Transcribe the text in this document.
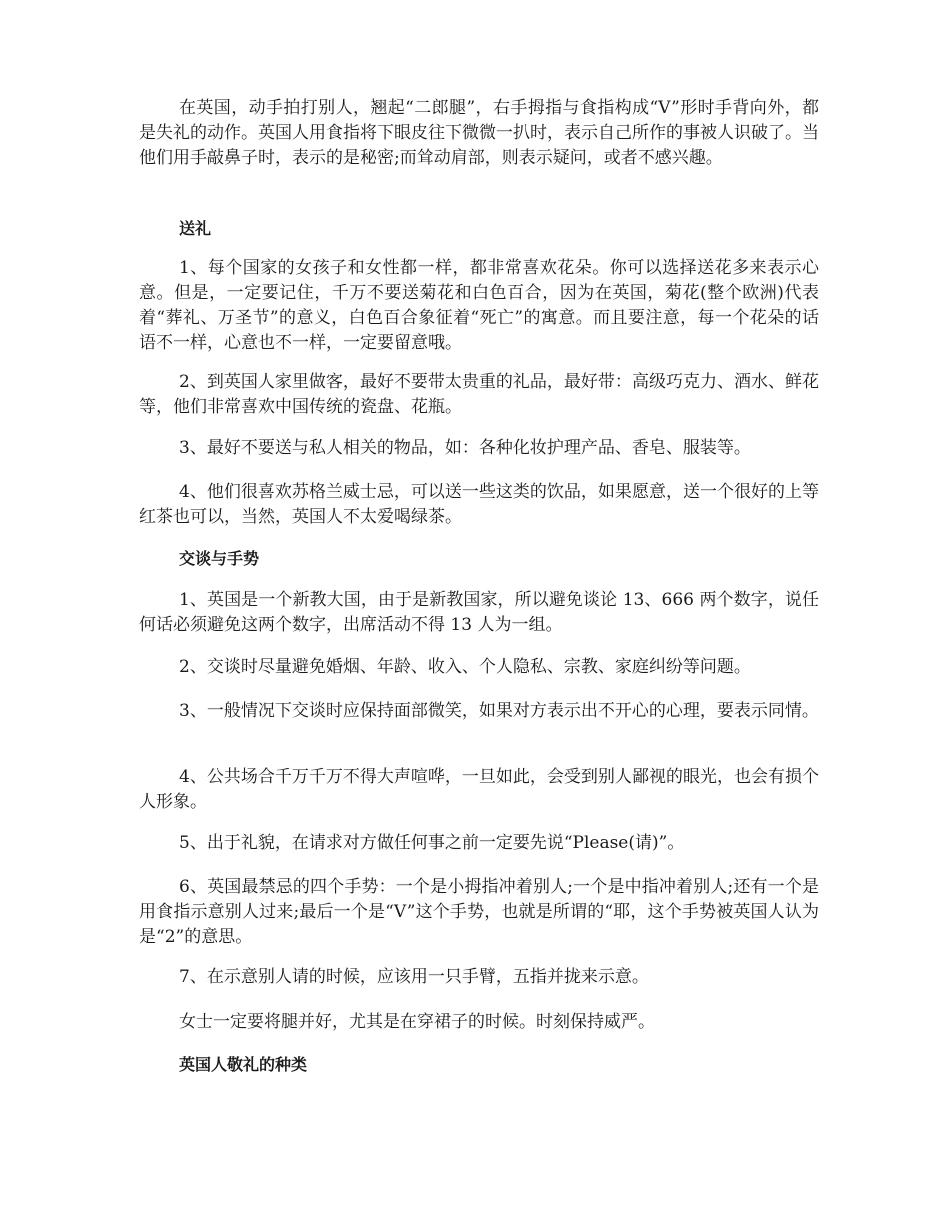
在英国，动手拍打别人，翘起“二郎腿”，右手拇指与食指构成“V”形时手背向外，都是失礼的动作。英国人用食指将下眼皮往下微微一扒时，表示自己所作的事被人识破了。当他们用手敲鼻子时，表示的是秘密;而耸动肩部，则表示疑问，或者不感兴趣。

送礼

1、每个国家的女孩子和女性都一样，都非常喜欢花朵。你可以选择送花多来表示心意。但是，一定要记住，千万不要送菊花和白色百合，因为在英国，菊花(整个欧洲)代表着“葬礼、万圣节”的意义，白色百合象征着“死亡”的寓意。而且要注意，每一个花朵的话语不一样，心意也不一样，一定要留意哦。

2、到英国人家里做客，最好不要带太贵重的礼品，最好带：高级巧克力、酒水、鲜花等，他们非常喜欢中国传统的瓷盘、花瓶。

3、最好不要送与私人相关的物品，如：各种化妆护理产品、香皂、服装等。

4、他们很喜欢苏格兰威士忌，可以送一些这类的饮品，如果愿意，送一个很好的上等红茶也可以，当然，英国人不太爱喝绿茶。

交谈与手势

1、英国是一个新教大国，由于是新教国家，所以避免谈论 13、666 两个数字，说任何话必须避免这两个数字，出席活动不得 13 人为一组。

2、交谈时尽量避免婚烟、年龄、收入、个人隐私、宗教、家庭纠纷等问题。

3、一般情况下交谈时应保持面部微笑，如果对方表示出不开心的心理，要表示同情。

4、公共场合千万千万不得大声喧哗，一旦如此，会受到别人鄙视的眼光，也会有损个人形象。

5、出于礼貌，在请求对方做任何事之前一定要先说“Please(请)”。

6、英国最禁忌的四个手势：一个是小拇指冲着别人;一个是中指冲着别人;还有一个是用食指示意别人过来;最后一个是“V”这个手势，也就是所谓的“耶，这个手势被英国人认为是“2”的意思。

7、在示意别人请的时候，应该用一只手臂，五指并拢来示意。

女士一定要将腿并好，尤其是在穿裙子的时候。时刻保持威严。

英国人敬礼的种类
